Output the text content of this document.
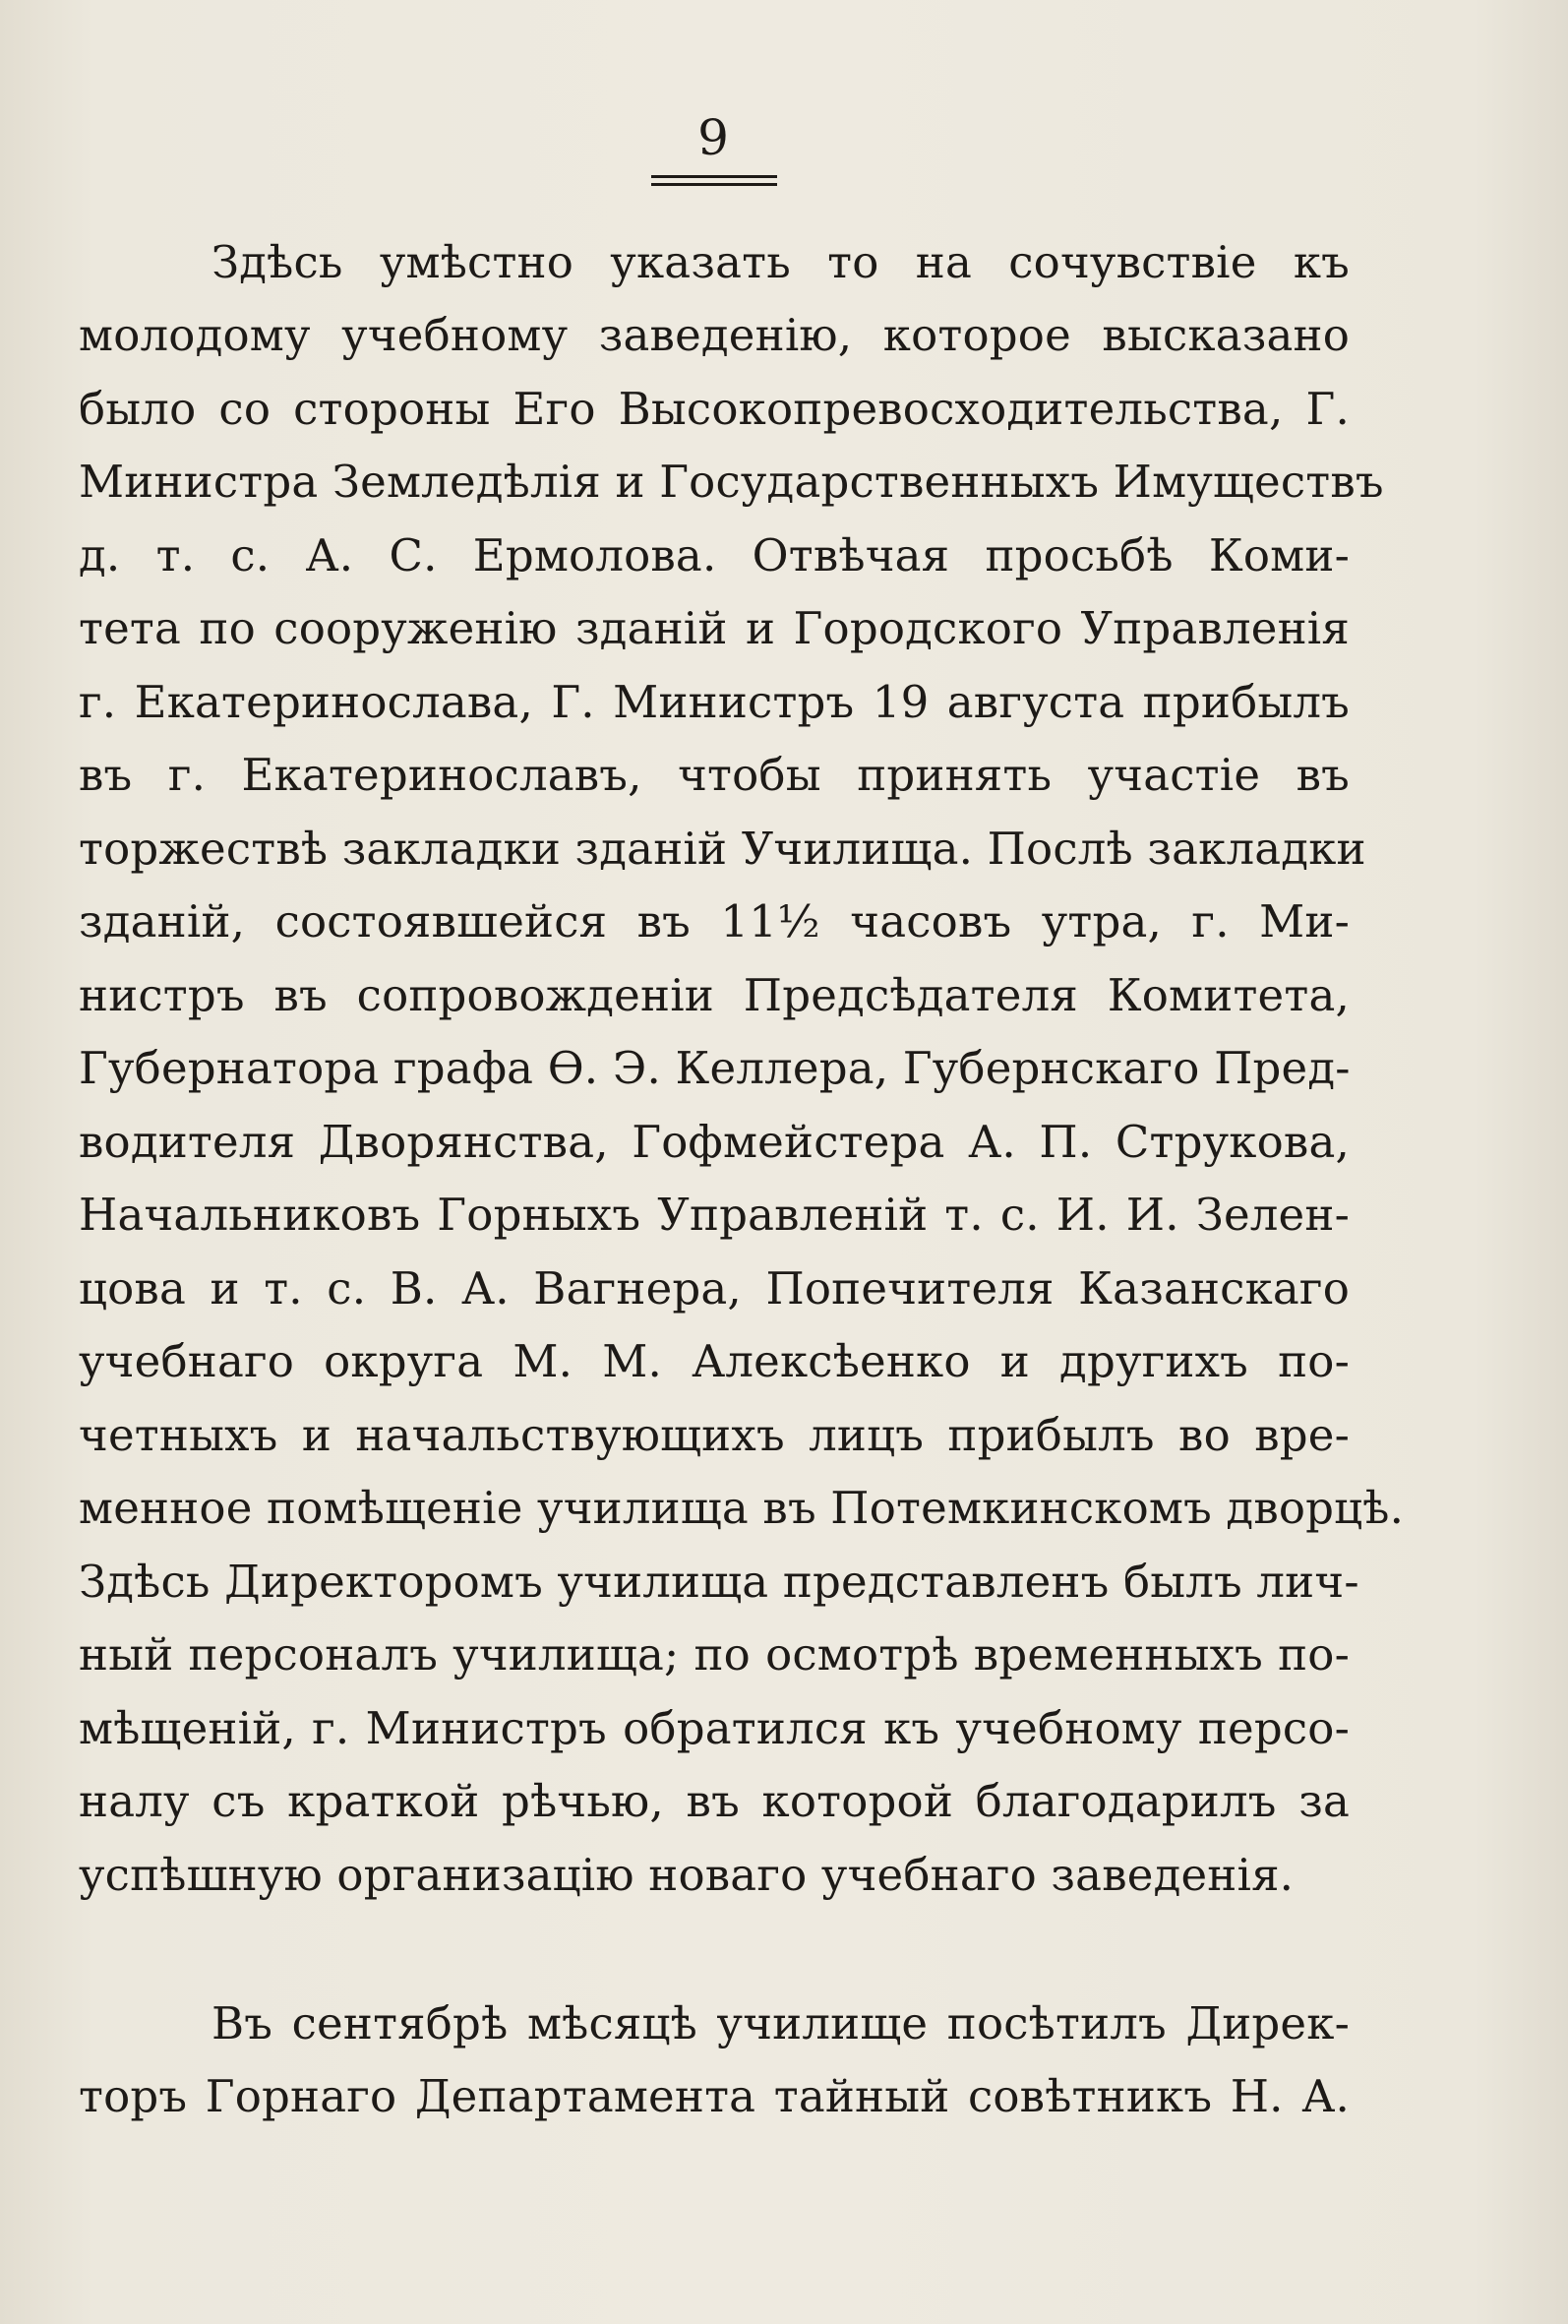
9
Здѣсь умѣстно указать то на сочувствіе къ
молодому учебному заведенію, которое высказано
было со стороны Его Высокопревосходительства, Г.
Министра Земледѣлія и Государственныхъ Имуществъ
д. т. с. А. С. Ермолова. Отвѣчая просьбѣ Коми-
тета по сооруженію зданій и Городского Управленія
г. Екатеринослава, Г. Министръ 19 августа прибылъ
въ г. Екатеринославъ, чтобы принять участіе въ
торжествѣ закладки зданій Училища. Послѣ закладки
зданій, состоявшейся въ 11½ часовъ утра, г. Ми-
нистръ въ сопровожденіи Предсѣдателя Комитета,
Губернатора графа Ѳ. Э. Келлера, Губернскаго Пред-
водителя Дворянства, Гофмейстера А. П. Струкова,
Начальниковъ Горныхъ Управленій т. с. И. И. Зелен-
цова и т. с. В. А. Вагнера, Попечителя Казанскаго
учебнаго округа М. М. Алексѣенко и другихъ по-
четныхъ и начальствующихъ лицъ прибылъ во вре-
менное помѣщеніе училища въ Потемкинскомъ дворцѣ.
Здѣсь Директоромъ училища представленъ былъ лич-
ный персоналъ училища; по осмотрѣ временныхъ по-
мѣщеній, г. Министръ обратился къ учебному персо-
налу съ краткой рѣчью, въ которой благодарилъ за
успѣшную организацію новаго учебнаго заведенія.
Въ сентябрѣ мѣсяцѣ училище посѣтилъ Дирек-
торъ Горнаго Департамента тайный совѣтникъ Н. А.
